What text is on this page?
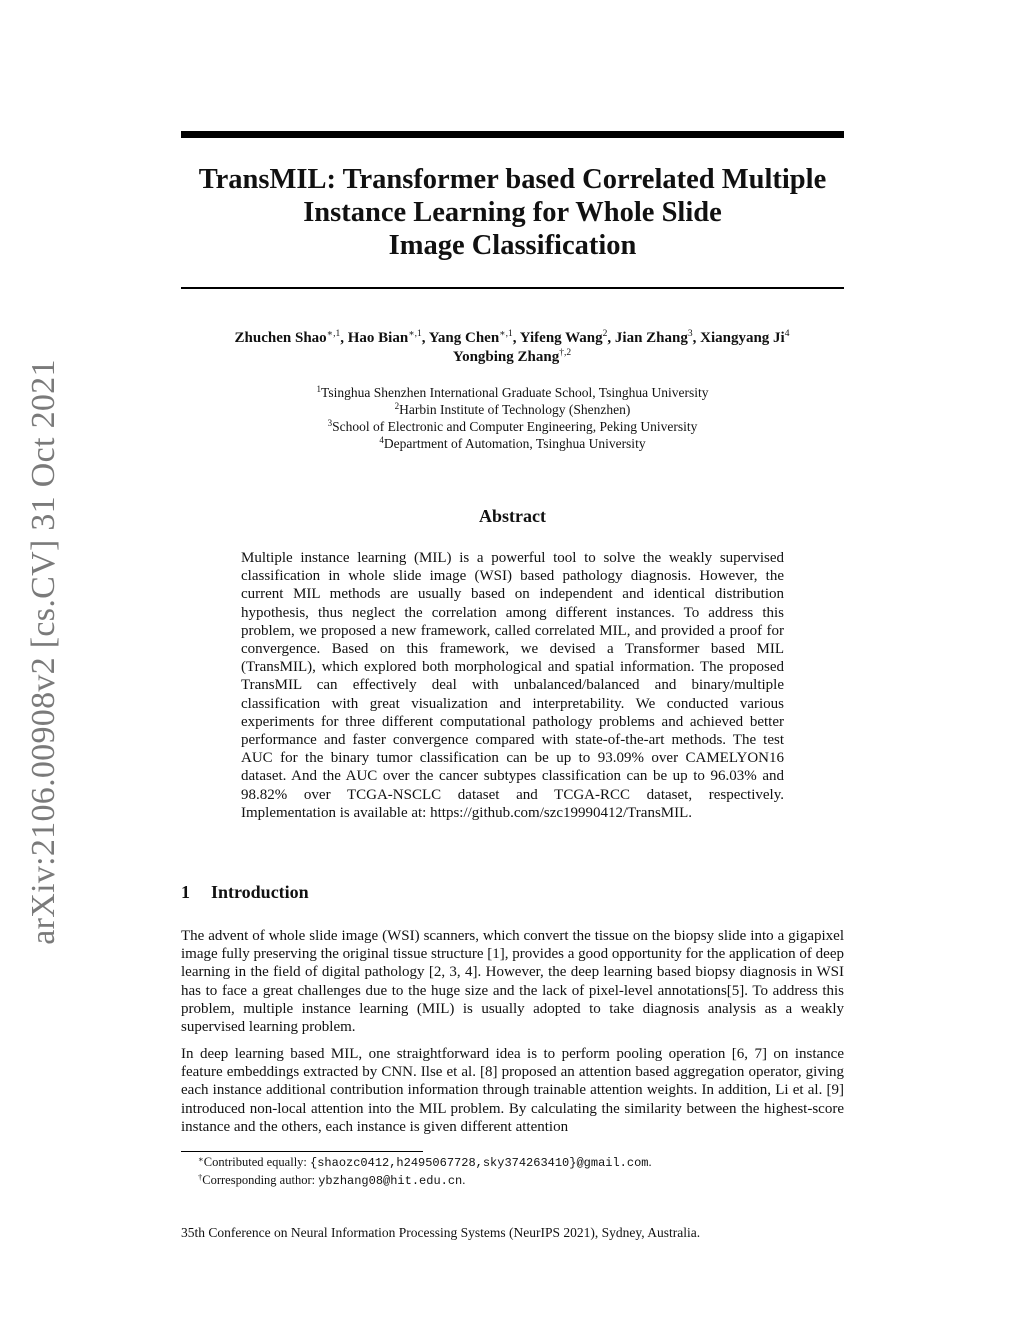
arXiv:2106.00908v2 [cs.CV] 31 Oct 2021
TransMIL: Transformer based Correlated Multiple
Instance Learning for Whole Slide
Image Classification
Zhuchen Shao$^{∗,1}$, Hao Bian$^{∗,1}$, Yang Chen$^{∗,1}$, Yifeng Wang$^2$, Jian Zhang$^3$, Xiangyang Ji$^4$
Yongbing Zhang$^{\dagger,2}$
$^1$Tsinghua Shenzhen International Graduate School, Tsinghua University
$^2$Harbin Institute of Technology (Shenzhen)
$^3$School of Electronic and Computer Engineering, Peking University
$^4$Department of Automation, Tsinghua University
Abstract

Multiple instance learning (MIL) is a powerful tool to solve the weakly supervised classification in whole slide image (WSI) based pathology diagnosis. However, the current MIL methods are usually based on independent and identical distribution hypothesis, thus neglect the correlation among different instances. To address this problem, we proposed a new framework, called correlated MIL, and provided a proof for convergence. Based on this framework, we devised a Transformer based MIL (TransMIL), which explored both morphological and spatial information. The proposed TransMIL can effectively deal with unbalanced/balanced and binary/multiple classification with great visualization and interpretability. We conducted various experiments for three different computational pathology problems and achieved better performance and faster convergence compared with state-of-the-art methods. The test AUC for the binary tumor classification can be up to 93.09% over CAMELYON16 dataset. And the AUC over the cancer subtypes classification can be up to 96.03% and 98.82% over TCGA-NSCLC dataset and TCGA-RCC dataset, respectively. Implementation is available at: https://github.com/szc19990412/TransMIL.

1 Introduction

The advent of whole slide image (WSI) scanners, which convert the tissue on the biopsy slide into a gigapixel image fully preserving the original tissue structure [1], provides a good opportunity for the application of deep learning in the field of digital pathology [2, 3, 4]. However, the deep learning based biopsy diagnosis in WSI has to face a great challenges due to the huge size and the lack of pixel-level annotations[5]. To address this problem, multiple instance learning (MIL) is usually adopted to take diagnosis analysis as a weakly supervised learning problem.

In deep learning based MIL, one straightforward idea is to perform pooling operation [6, 7] on instance feature embeddings extracted by CNN. Ilse et al. [8] proposed an attention based aggregation operator, giving each instance additional contribution information through trainable attention weights. In addition, Li et al. [9] introduced non-local attention into the MIL problem. By calculating the similarity between the highest-score instance and the others, each instance is given different attention

∗Contributed equally: {shaozc0412,h2495067728,sky374263410}@gmail.com.
†Corresponding author: ybzhang08@hit.edu.cn.
35th Conference on Neural Information Processing Systems (NeurIPS 2021), Sydney, Australia.
